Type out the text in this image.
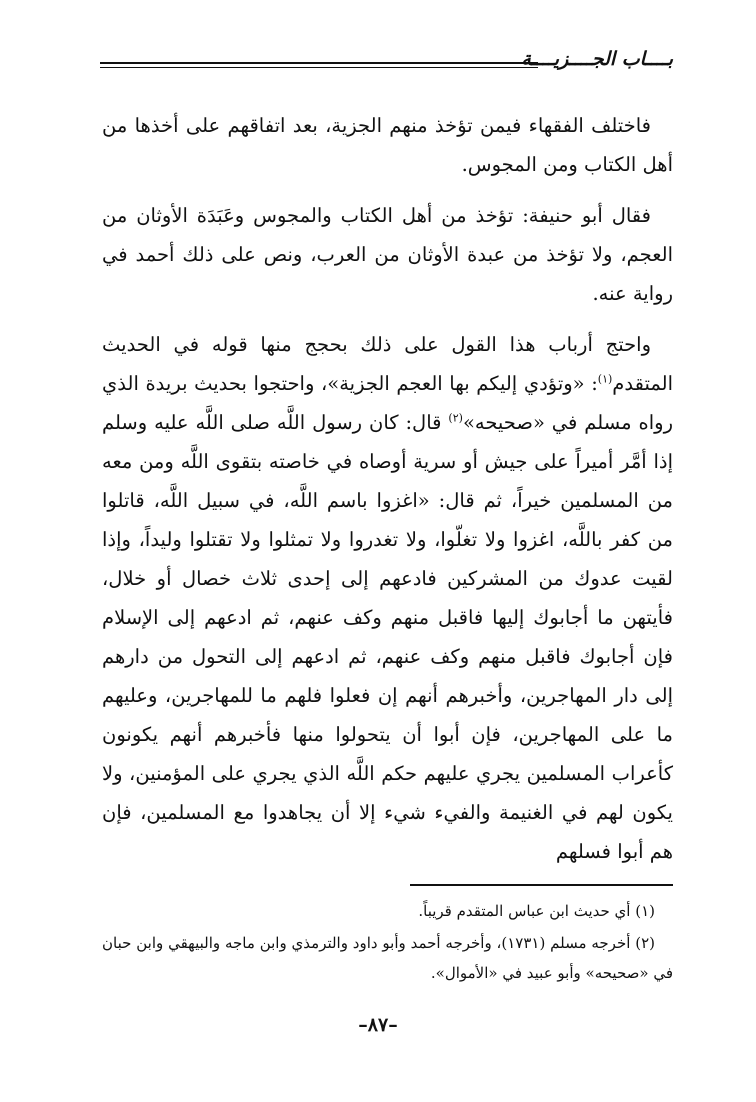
بــــاب الجــــزيــــة

فاختلف الفقهاء فيمن تؤخذ منهم الجزية، بعد اتفاقهم على أخذها من أهل الكتاب ومن المجوس.

فقال أبو حنيفة: تؤخذ من أهل الكتاب والمجوس وعَبَدَة الأوثان من العجم، ولا تؤخذ من عبدة الأوثان من العرب، ونص على ذلك أحمد في رواية عنه.

واحتج أرباب هذا القول على ذلك بحجج منها قوله في الحديث المتقدم$^{(١)}$: «وتؤدي إليكم بها العجم الجزية»، واحتجوا بحديث بريدة الذي رواه مسلم في «صحيحه»$^{(٢)}$ قال: كان رسول اللَّه صلى اللَّه عليه وسلم إذا أمَّر أميراً على جيش أو سرية أوصاه في خاصته بتقوى اللَّه ومن معه من المسلمين خيراً، ثم قال: «اغزوا باسم اللَّه، في سبيل اللَّه، قاتلوا من كفر باللَّه، اغزوا ولا تغلّوا، ولا تغدروا ولا تمثلوا ولا تقتلوا وليداً، وإذا لقيت عدوك من المشركين فادعهم إلى إحدى ثلاث خصال أو خلال، فأيتهن ما أجابوك إليها فاقبل منهم وكف عنهم، ثم ادعهم إلى الإسلام فإن أجابوك فاقبل منهم وكف عنهم، ثم ادعهم إلى التحول من دارهم إلى دار المهاجرين، وأخبرهم أنهم إن فعلوا فلهم ما للمهاجرين، وعليهم ما على المهاجرين، فإن أبوا أن يتحولوا منها فأخبرهم أنهم يكونون كأعراب المسلمين يجري عليهم حكم اللَّه الذي يجري على المؤمنين، ولا يكون لهم في الغنيمة والفيء شيء إلا أن يجاهدوا مع المسلمين، فإن هم أبوا فسلهم

(١) أي حديث ابن عباس المتقدم قريباً.

(٢) أخرجه مسلم (١٧٣١)، وأخرجه أحمد وأبو داود والترمذي وابن ماجه والبيهقي وابن حبان في «صحيحه» وأبو عبيد في «الأموال».

–٨٧–
